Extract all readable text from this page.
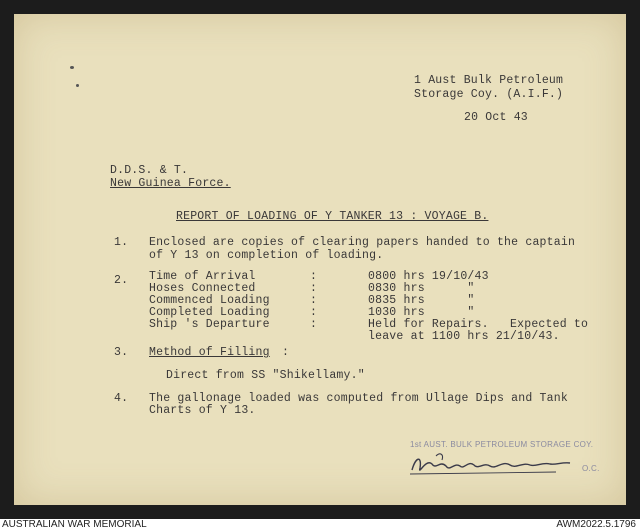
1 Aust Bulk Petroleum
Storage Coy. (A.I.F.)
20 Oct 43
D.D.S. & T.
New Guinea Force.
REPORT OF LOADING OF Y TANKER 13 : VOYAGE B.
1. Enclosed are copies of clearing papers handed to the captain
of Y 13 on completion of loading.
2. Time of Arrival	:	0800 hrs 19/10/43
Hoses Connected	:	0830 hrs      "
Commenced Loading	:	0835 hrs      "
Completed Loading	:	1030 hrs      "
Ship 's Departure	:	Held for Repairs.   Expected to
leave at 1100 hrs 21/10/43.
3. Method of Filling :
Direct from SS "Shikellamy."
4. The gallonage loaded was computed from Ullage Dips and Tank
Charts of Y 13.
1st AUST. BULK PETROLEUM STORAGE COY.
O.C.
AUSTRALIAN WAR MEMORIAL	AWM2022.5.1796
